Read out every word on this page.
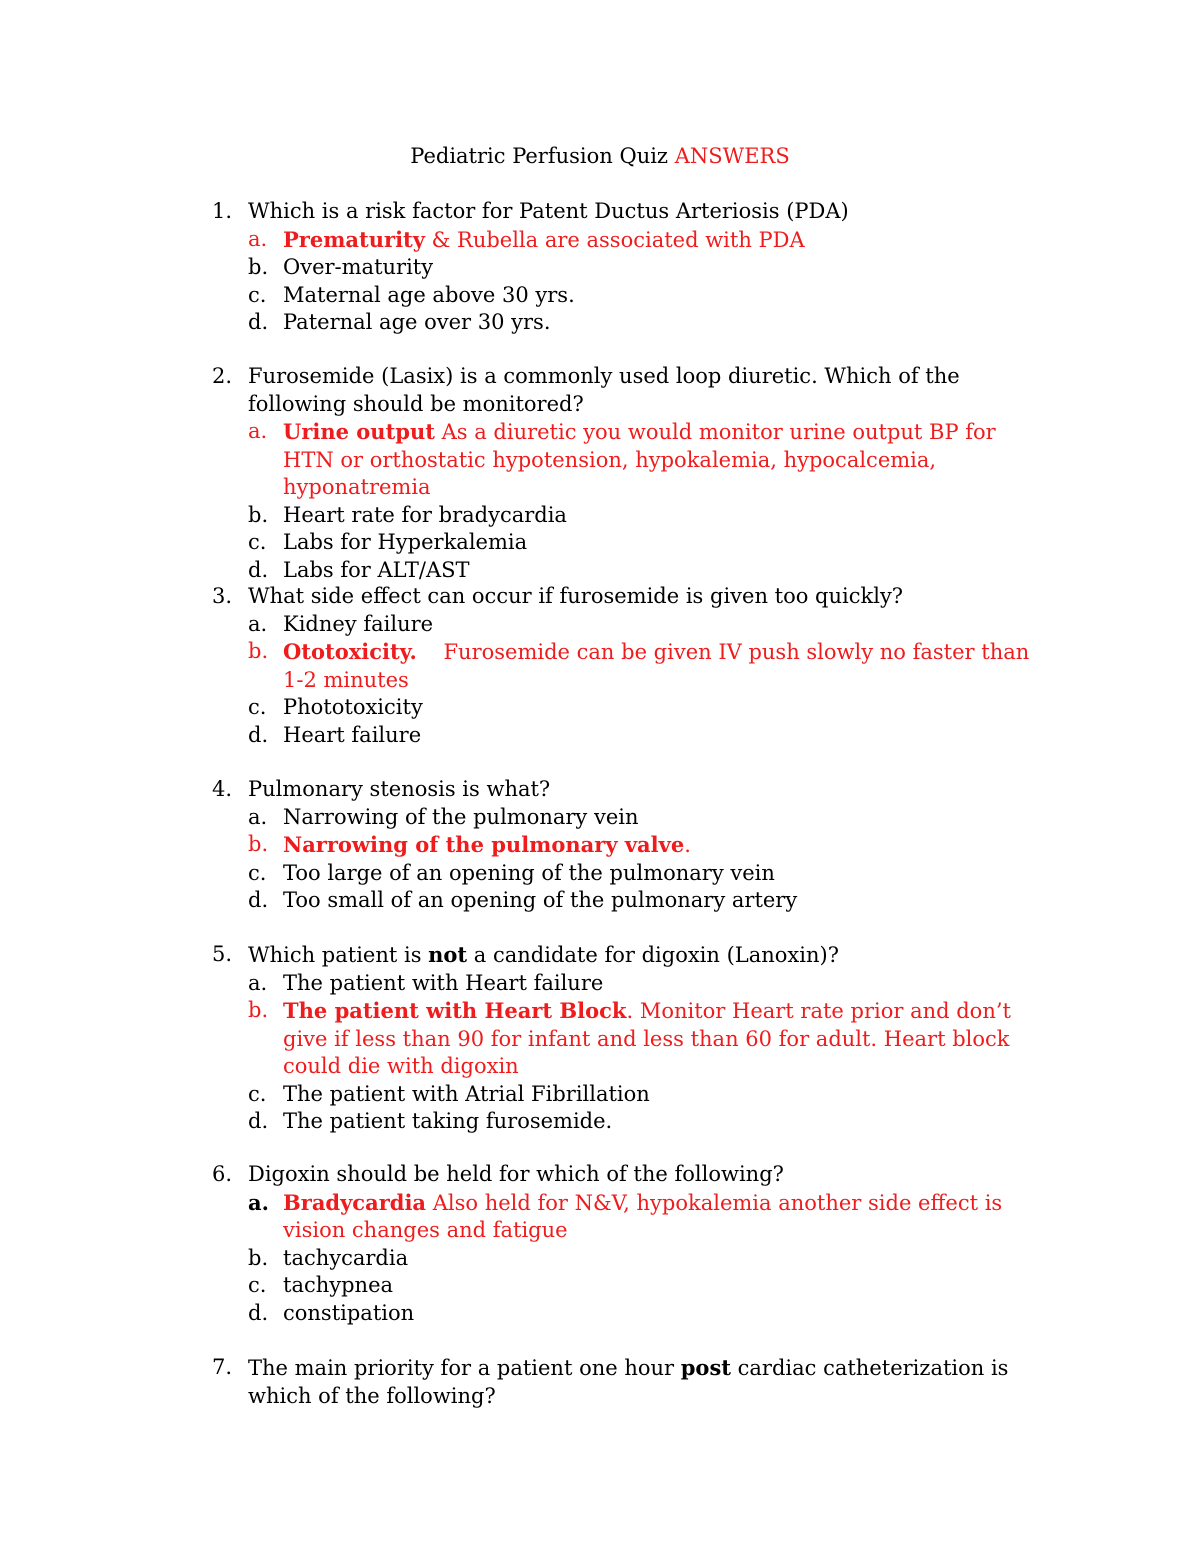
Pediatric Perfusion Quiz ANSWERS
1. Which is a risk factor for Patent Ductus Arteriosis (PDA)
a. Prematurity & Rubella are associated with PDA
b. Over-maturity
c. Maternal age above 30 yrs.
d. Paternal age over 30 yrs.
2. Furosemide (Lasix) is a commonly used loop diuretic. Which of the following should be monitored?
a. Urine output As a diuretic you would monitor urine output BP for HTN or orthostatic hypotension, hypokalemia, hypocalcemia, hyponatremia
b. Heart rate for bradycardia
c. Labs for Hyperkalemia
d. Labs for ALT/AST
3. What side effect can occur if furosemide is given too quickly?
a. Kidney failure
b. Ototoxicity.    Furosemide can be given IV push slowly no faster than 1-2 minutes
c. Phototoxicity
d. Heart failure
4. Pulmonary stenosis is what?
a. Narrowing of the pulmonary vein
b. Narrowing of the pulmonary valve.
c. Too large of an opening of the pulmonary vein
d. Too small of an opening of the pulmonary artery
5. Which patient is not a candidate for digoxin (Lanoxin)?
a. The patient with Heart failure
b. The patient with Heart Block. Monitor Heart rate prior and don’t give if less than 90 for infant and less than 60 for adult. Heart block could die with digoxin
c. The patient with Atrial Fibrillation
d. The patient taking furosemide.
6. Digoxin should be held for which of the following?
a. Bradycardia Also held for N&V, hypokalemia another side effect is vision changes and fatigue
b. tachycardia
c. tachypnea
d. constipation
7. The main priority for a patient one hour post cardiac catheterization is which of the following?
